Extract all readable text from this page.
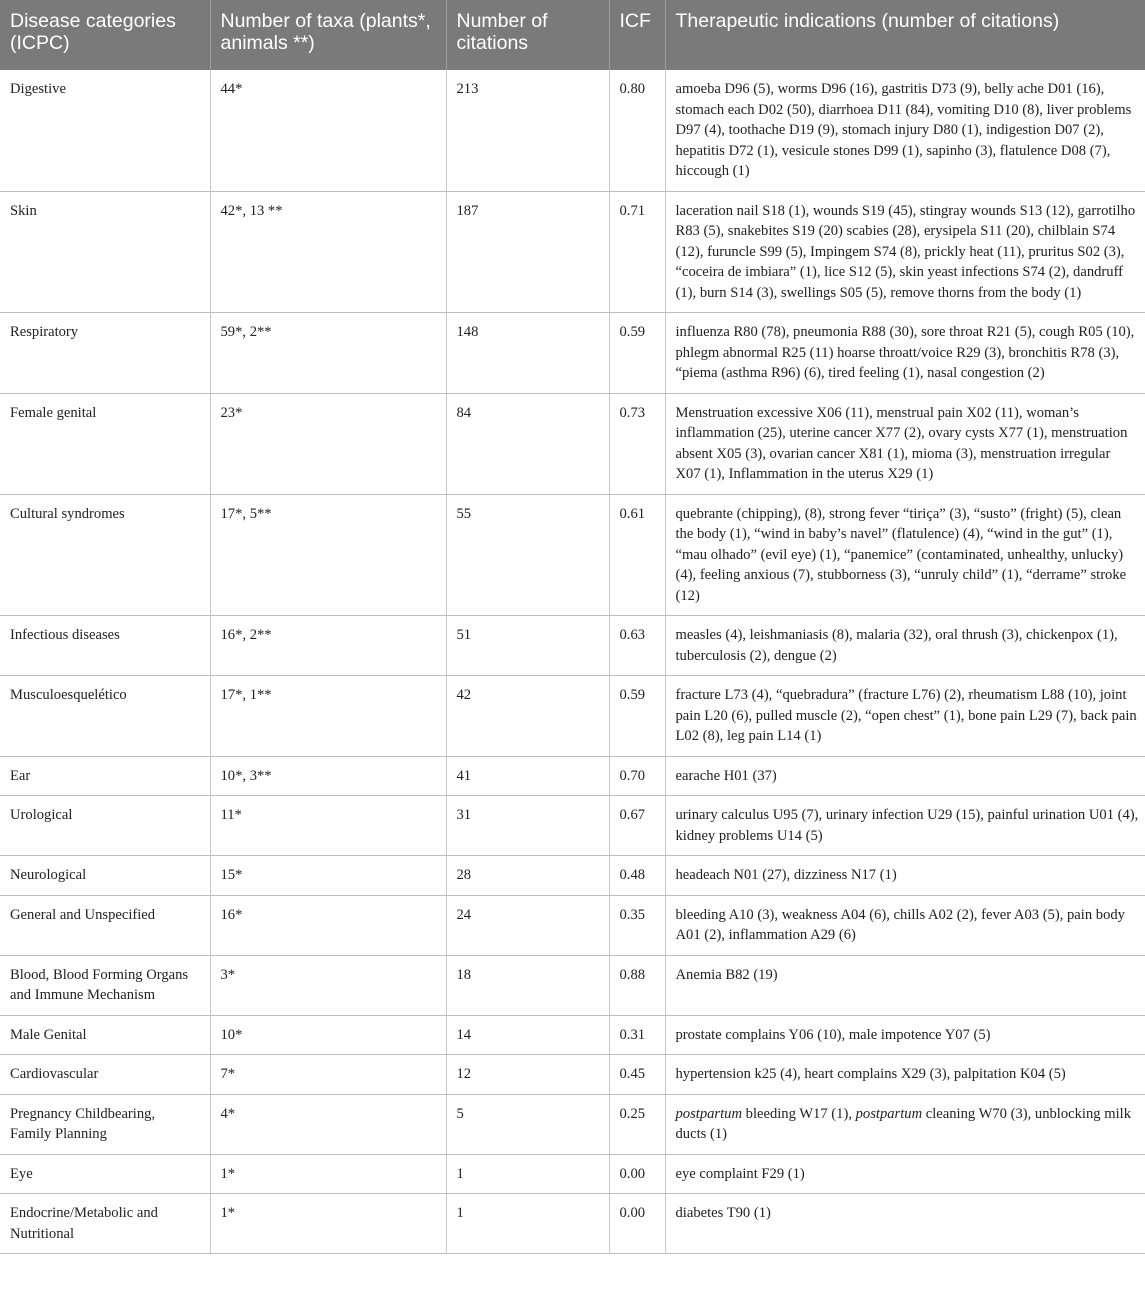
Disease categories (ICPC)	Number of taxa (plants*, animals **)	Number of citations	ICF	Therapeutic indications (number of citations)
Digestive	44*	213	0.80	amoeba D96 (5), worms D96 (16), gastritis D73 (9), belly ache D01 (16), stomach each D02 (50), diarrhoea D11 (84), vomiting D10 (8), liver problems D97 (4), toothache D19 (9), stomach injury D80 (1), indigestion D07 (2), hepatitis D72 (1), vesicule stones D99 (1), sapinho (3), flatulence D08 (7), hiccough (1)
Skin	42*, 13 **	187	0.71	laceration nail S18 (1), wounds S19 (45), stingray wounds S13 (12), garrotilho R83 (5), snakebites S19 (20) scabies (28), erysipela S11 (20), chilblain S74 (12), furuncle S99 (5), Impingem S74 (8), prickly heat (11), pruritus S02 (3), “coceira de imbiara” (1), lice S12 (5), skin yeast infections S74 (2), dandruff (1), burn S14 (3), swellings S05 (5), remove thorns from the body (1)
Respiratory	59*, 2**	148	0.59	influenza R80 (78), pneumonia R88 (30), sore throat R21 (5), cough R05 (10), phlegm abnormal R25 (11) hoarse throatt/voice R29 (3), bronchitis R78 (3), “piema (asthma R96) (6), tired feeling (1), nasal congestion (2)
Female genital	23*	84	0.73	Menstruation excessive X06 (11), menstrual pain X02 (11), woman’s inflammation (25), uterine cancer X77 (2), ovary cysts X77 (1), menstruation absent X05 (3), ovarian cancer X81 (1), mioma (3), menstruation irregular X07 (1), Inflammation in the uterus X29 (1)
Cultural syndromes	17*, 5**	55	0.61	quebrante (chipping), (8), strong fever “tiriça” (3), “susto” (fright) (5), clean the body (1), “wind in baby’s navel” (flatulence) (4), “wind in the gut” (1), “mau olhado” (evil eye) (1), “panemice” (contaminated, unhealthy, unlucky) (4), feeling anxious (7), stubborness (3), “unruly child” (1), “derrame” stroke (12)
Infectious diseases	16*, 2**	51	0.63	measles (4), leishmaniasis (8), malaria (32), oral thrush (3), chickenpox (1), tuberculosis (2), dengue (2)
Musculoesquelético	17*, 1**	42	0.59	fracture L73 (4), “quebradura” (fracture L76) (2), rheumatism L88 (10), joint pain L20 (6), pulled muscle (2), “open chest” (1), bone pain L29 (7), back pain L02 (8), leg pain L14 (1)
Ear	10*, 3**	41	0.70	earache H01 (37)
Urological	11*	31	0.67	urinary calculus U95 (7), urinary infection U29 (15), painful urination U01 (4), kidney problems U14 (5)
Neurological	15*	28	0.48	headeach N01 (27), dizziness N17 (1)
General and Unspecified	16*	24	0.35	bleeding A10 (3), weakness A04 (6), chills A02 (2), fever A03 (5), pain body A01 (2), inflammation A29 (6)
Blood, Blood Forming Organs and Immune Mechanism	3*	18	0.88	Anemia B82 (19)
Male Genital	10*	14	0.31	prostate complains Y06 (10), male impotence Y07 (5)
Cardiovascular	7*	12	0.45	hypertension k25 (4), heart complains X29 (3), palpitation K04 (5)
Pregnancy Childbearing, Family Planning	4*	5	0.25	postpartum bleeding W17 (1), postpartum cleaning W70 (3), unblocking milk ducts (1)
Eye	1*	1	0.00	eye complaint F29 (1)
Endocrine/Metabolic and Nutritional	1*	1	0.00	diabetes T90 (1)
